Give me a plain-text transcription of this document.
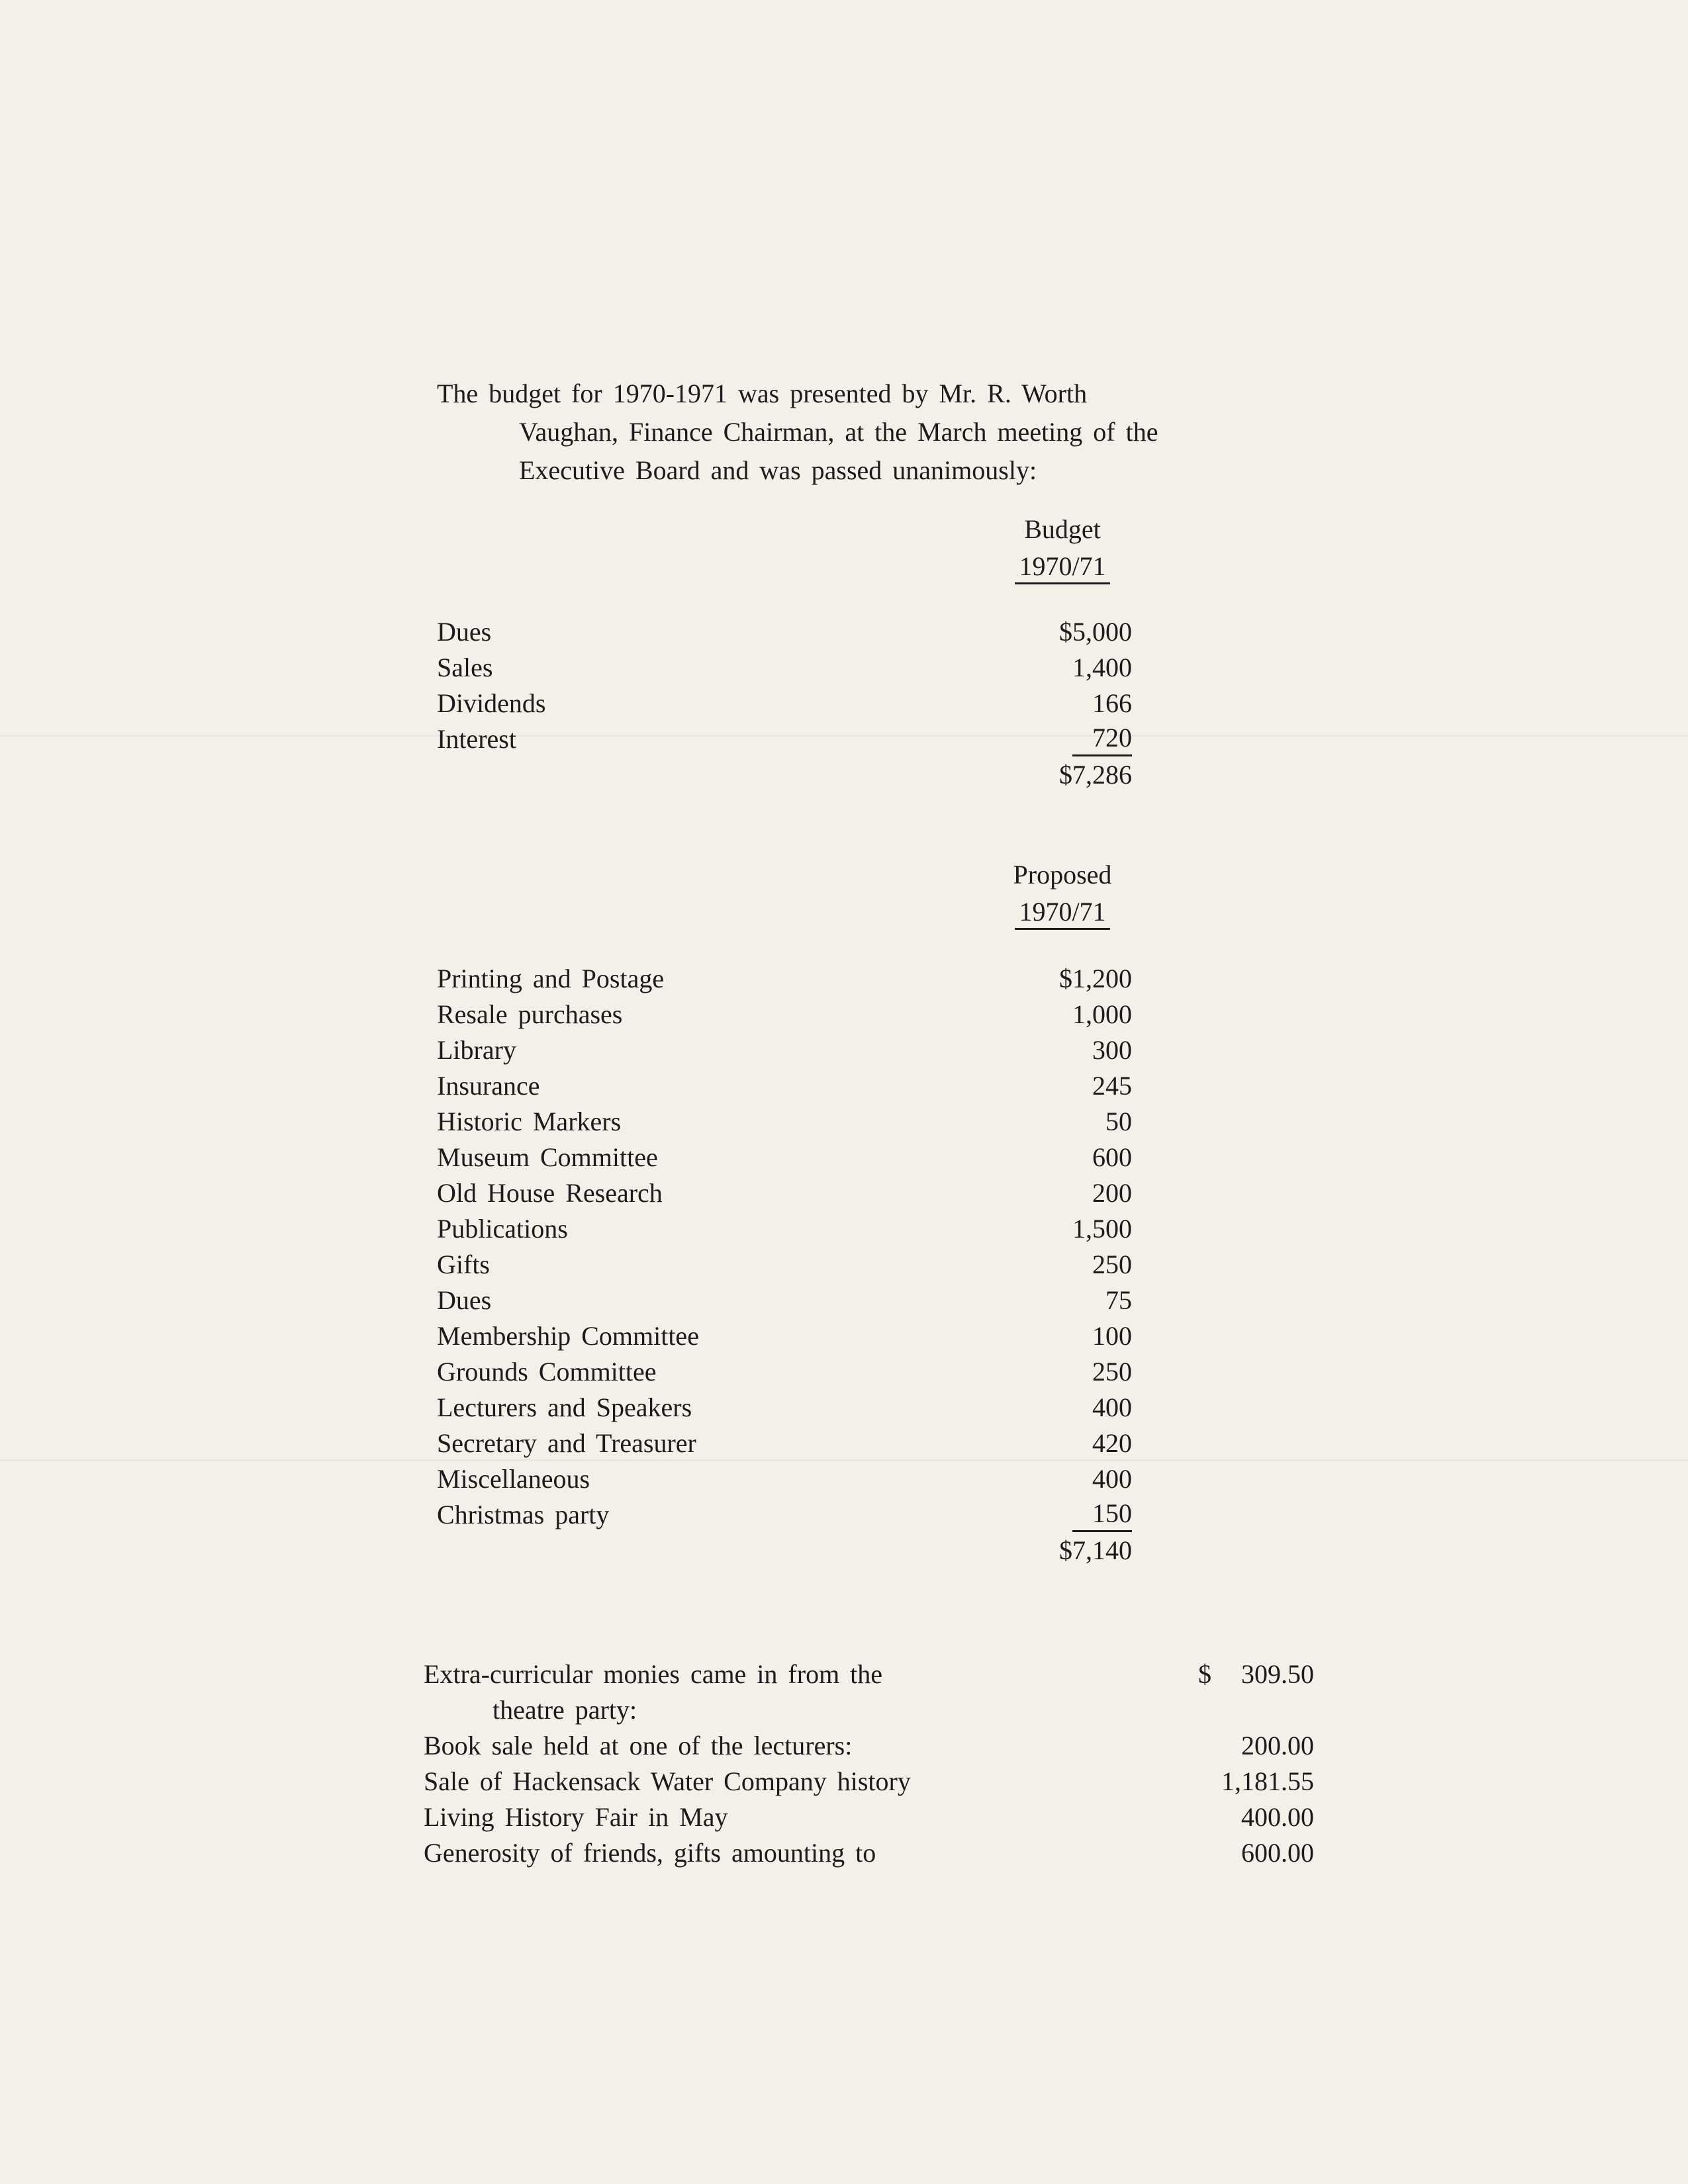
The budget for 1970-1971 was presented by Mr. R. Worth
Vaughan, Finance Chairman, at the March meeting of the
Executive Board and was passed unanimously:
Budget
1970/71
Dues	$5,000
Sales	1,400
Dividends	166
Interest	720
$7,286
Proposed
1970/71
Printing and Postage	$1,200
Resale purchases	1,000
Library	300
Insurance	245
Historic Markers	50
Museum Committee	600
Old House Research	200
Publications	1,500
Gifts	250
Dues	75
Membership Committee	100
Grounds Committee	250
Lecturers and Speakers	400
Secretary and Treasurer	420
Miscellaneous	400
Christmas party	150
$7,140
Extra-curricular monies came in from the	$ 309.50
theatre party:
Book sale held at one of the lecturers:	200.00
Sale of Hackensack Water Company history	1,181.55
Living History Fair in May	400.00
Generosity of friends, gifts amounting to	600.00
